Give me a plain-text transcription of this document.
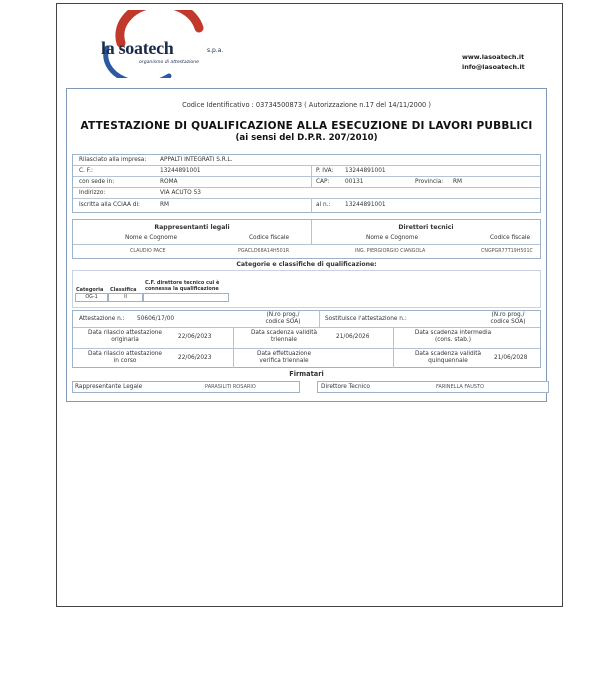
la soatech	s.p.a.
organismo di attestazione
www.lasoatech.it
info@lasoatech.it
Codice Identificativo : 03734500873 ( Autorizzazione n.17 del 14/11/2000 )
ATTESTAZIONE DI QUALIFICAZIONE ALLA ESECUZIONE DI LAVORI PUBBLICI
(ai sensi del D.P.R. 207/2010)
Rilasciato alla impresa: APPALTI INTEGRATI S.R.L.
C. F.:	13244891001	P. IVA: 13244891001
con sede in:	ROMA	CAP:	00131	Provincia: RM
Indirizzo:	VIA ACUTO 53
Iscritta alla CCIAA di:	RM	al n.:	13244891001
Rappresentanti legali	Direttori tecnici
Nome e Cognome	Codice fiscale	Nome e Cognome	Codice fiscale
CLAUDIO PACE	PGACLD68A14H501R	ING. PIERGIORGIO CIANGOLA	CNGPGR77T19H501C
Categorie e classifiche di qualificazione:
Categoria Classifica
C.F. direttore tecnico cui è
connessa la qualificazione
OG-1	II
Attestazione n.: 50606/17/00
(N.ro prog./
codice SOA)	Sostituisce l'attestazione n.:
(N.ro prog./
codice SOA)
Data rilascio attestazione
originaria	22/06/2023
Data scadenza validità
triennale	21/06/2026
Data scadenza intermedia
(cons. stab.)
Data rilascio attestazione
in corso	22/06/2023
Data effettuazione
verifica triennale
Data scadenza validità
quinquennale	21/06/2028
Firmatari
Rappresentante Legale	PARASILITI ROSARIO	Direttore Tecnico	FARINELLA FAUSTO
